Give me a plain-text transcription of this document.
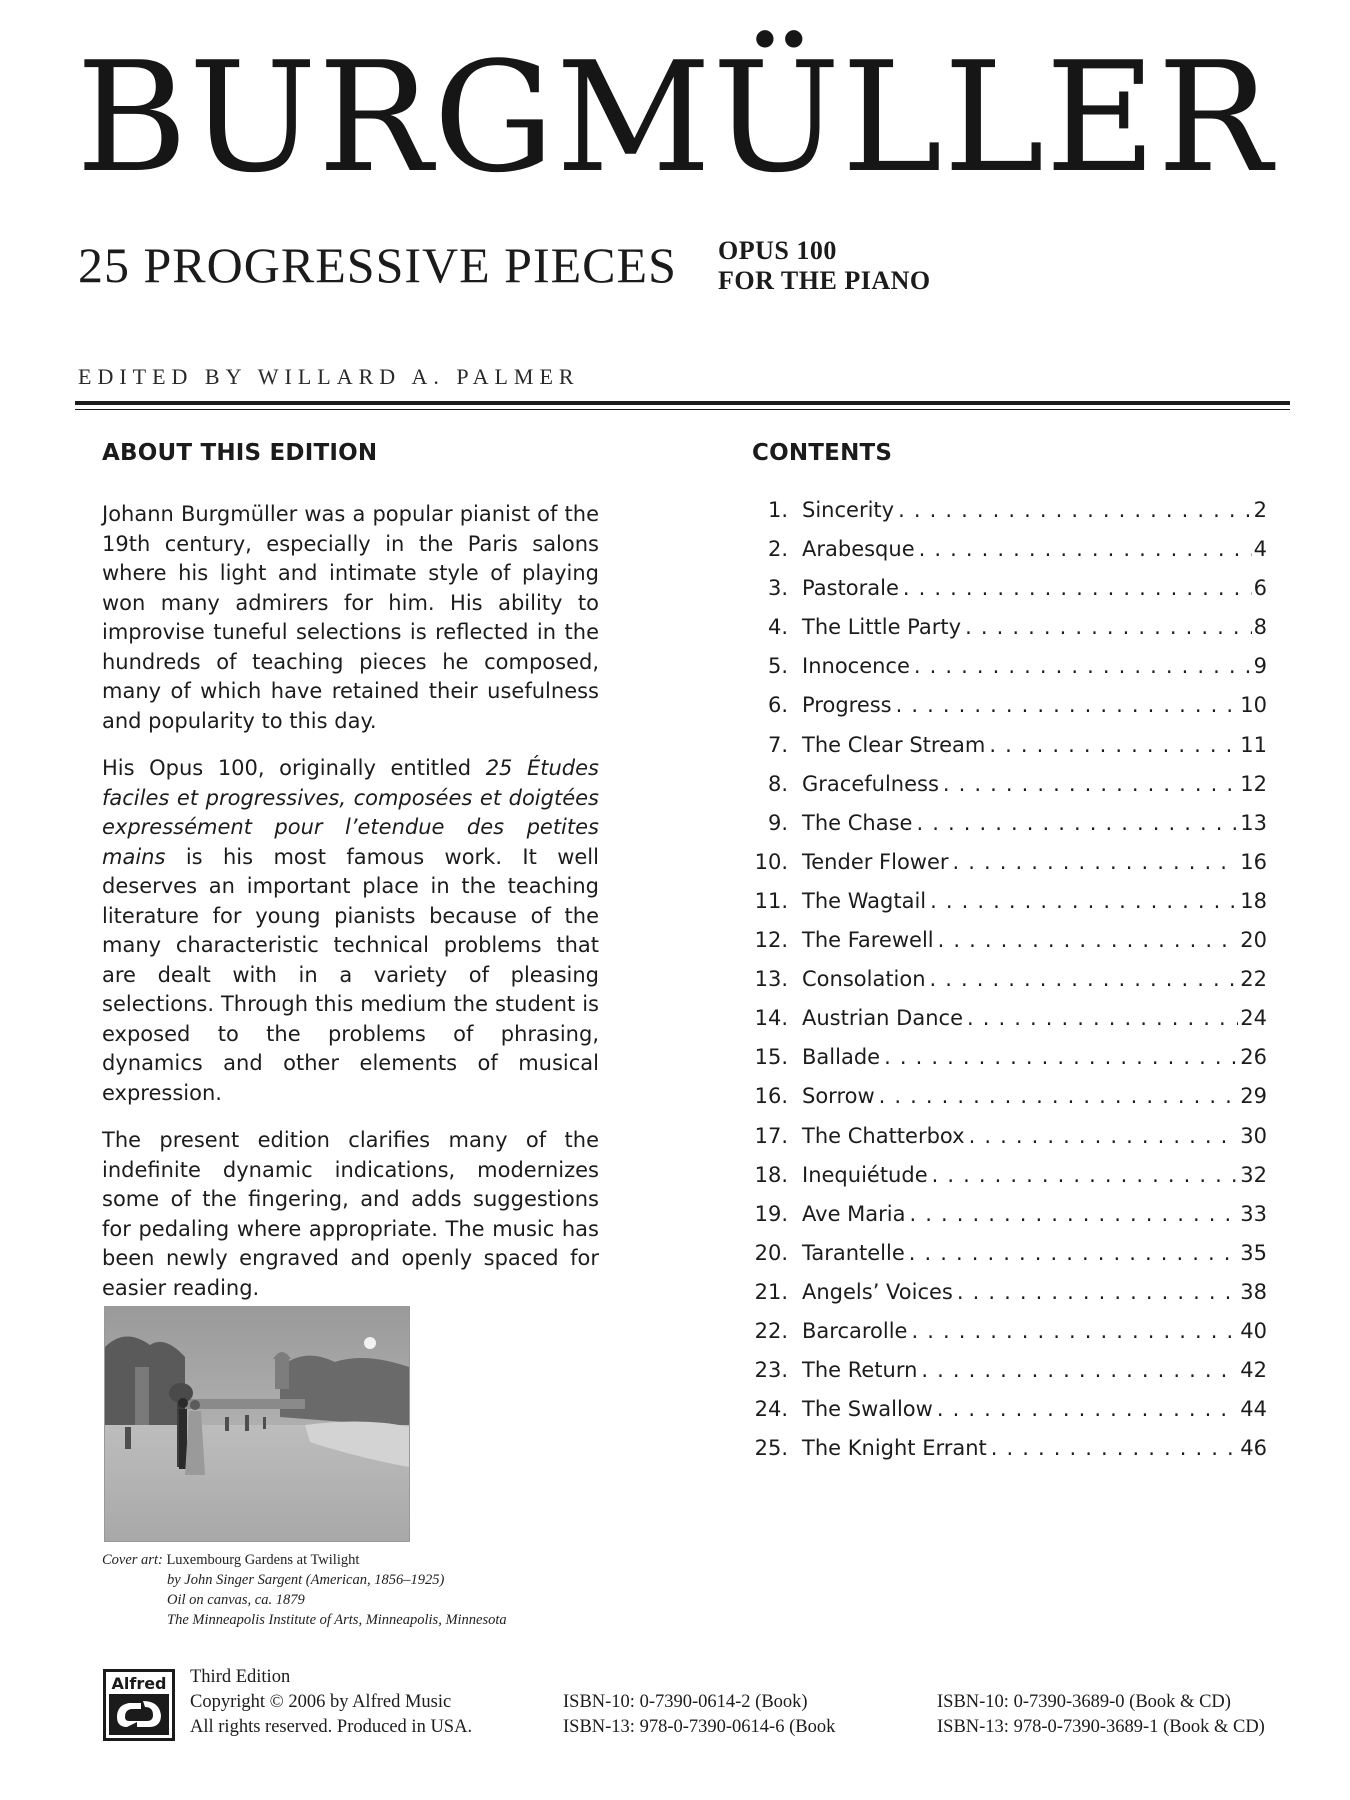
BURGMÜLLER
25 PROGRESSIVE PIECES OPUS 100
FOR THE PIANO
EDITED BY WILLARD A. PALMER
ABOUT THIS EDITION

Johann Burgmüller was a popular pianist of the 19th century, especially in the Paris salons where his light and intimate style of playing won many admirers for him. His ability to improvise tuneful selections is reflected in the hundreds of teaching pieces he composed, many of which have retained their usefulness and popularity to this day.

His Opus 100, originally entitled 25 Études faciles et progressives, composées et doigtées expressément pour l’etendue des petites mains is his most famous work. It well deserves an important place in the teaching literature for young pianists because of the many characteristic technical problems that are dealt with in a variety of pleasing selections. Through this medium the student is exposed to the problems of phrasing, dynamics and other elements of musical expression.

The present edition clarifies many of the indefinite dynamic indications, modernizes some of the fingering, and adds suggestions for pedaling where appropriate. The music has been newly engraved and openly spaced for easier reading.

CONTENTS
1. Sincerity . . .	2
2. Arabesque . . .	4
3. Pastorale . . .	6
4. The Little Party . . .	8
5. Innocence . . .	9
6. Progress . . .	10
7. The Clear Stream . . .	11
8. Gracefulness . . .	12
9. The Chase . . .	13
10. Tender Flower . . .	16
11. The Wagtail . . .	18
12. The Farewell . . .	20
13. Consolation . . .	22
14. Austrian Dance . . .	24
15. Ballade . . .	26
16. Sorrow . . .	29
17. The Chatterbox . . .	30
18. Inequiétude . . .	32
19. Ave Maria . . .	33
20. Tarantelle . . .	35
21. Angels’ Voices . . .	38
22. Barcarolle . . .	40
23. The Return . . .	42
24. The Swallow . . .	44
25. The Knight Errant . . .	46
Cover art: Luxembourg Gardens at Twilight
by John Singer Sargent (American, 1856–1925)
Oil on canvas, ca. 1879
The Minneapolis Institute of Arts, Minneapolis, Minnesota
Alfred Third Edition
Copyright © 2006 by Alfred Music
All rights reserved. Produced in USA.
ISBN-10: 0-7390-0614-2 (Book)
ISBN-13: 978-0-7390-0614-6 (Book
ISBN-10: 0-7390-3689-0 (Book & CD)
ISBN-13: 978-0-7390-3689-1 (Book & CD)
